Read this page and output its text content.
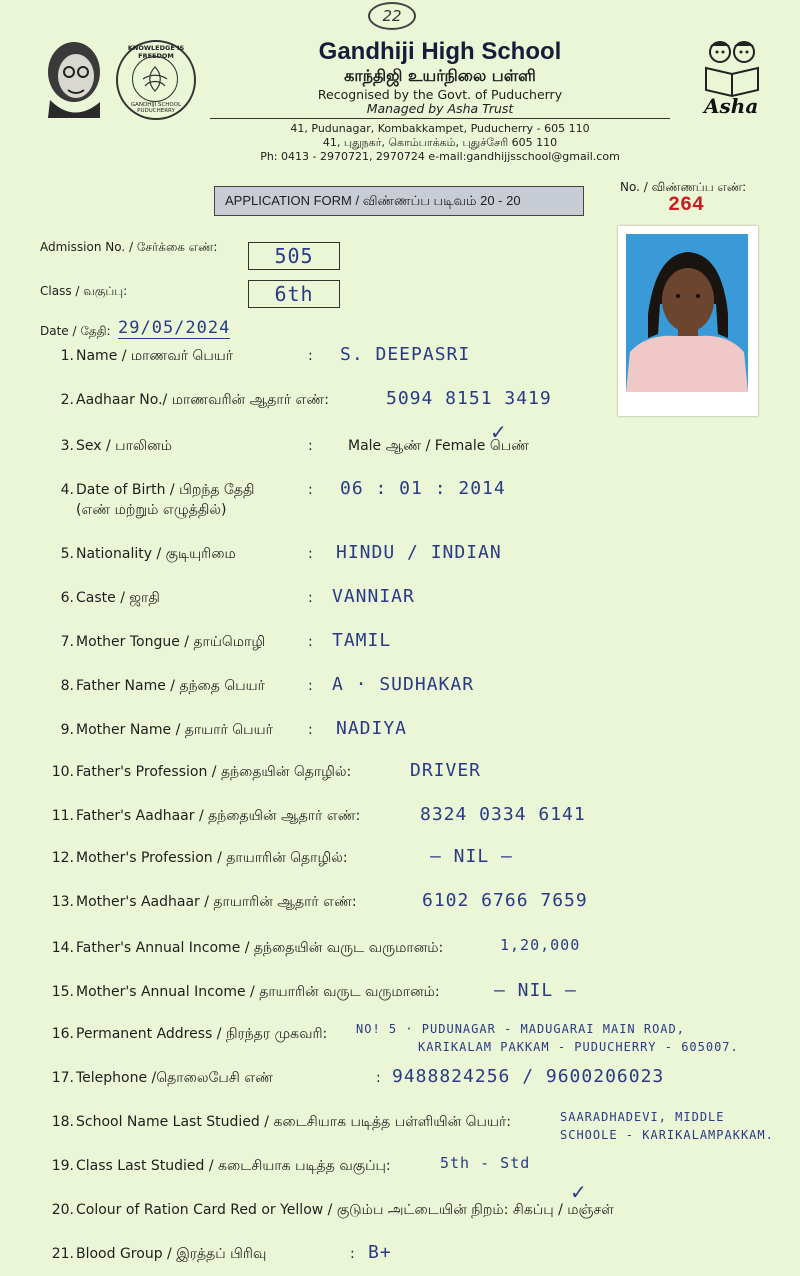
22
KNOWLEDGE IS FREEDOM
GANDHIJI SCHOOL PUDUCHERRY	Asha
Gandhiji High School
காந்திஜி உயர்நிலை பள்ளி
Recognised by the Govt. of Puducherry
Managed by Asha Trust
41, Pudunagar, Kombakkampet, Puducherry - 605 110
41, புதுநகர், கொம்பாக்கம், புதுச்சேரி 605 110
Ph: 0413 - 2970721, 2970724 e-mail:gandhijjsschool@gmail.com
APPLICATION FORM / விண்ணப்ப படிவம் 20 - 20
No. / விண்ணப்ப எண்:
264
Admission No. / சேர்க்கை எண்:	505
Class / வகுப்பு:	6th
Date / தேதி: 29/05/2024
1. Name / மாணவர் பெயர்	: S. DEEPASRI
2. Aadhaar No./ மாணவரின் ஆதார் எண்:	5094 8151 3419
3. Sex / பாலினம்	:	Male ஆண் / Female பெண்
4. Date of Birth / பிறந்த தேதி
(எண் மற்றும் எழுத்தில்)
: 06 : 01 : 2014
5. Nationality / குடியுரிமை	: HINDU / INDIAN
6. Caste / ஜாதி	: VANNIAR
7. Mother Tongue / தாய்மொழி	: TAMIL
8. Father Name / தந்தை பெயர்	: A · SUDHAKAR
9. Mother Name / தாயார் பெயர்	: NADIYA
10. Father's Profession / தந்தையின் தொழில்:	DRIVER
11. Father's Aadhaar / தந்தையின் ஆதார் எண்:	8324 0334 6141
12. Mother's Profession / தாயாரின் தொழில்:	— NIL —
13. Mother's Aadhaar / தாயாரின் ஆதார் எண்:	6102 6766 7659
14. Father's Annual Income / தந்தையின் வருட வருமானம்:	1,20,000
15. Mother's Annual Income / தாயாரின் வருட வருமானம்:	— NIL —
16. Permanent Address / நிரந்தர முகவரி: NO! 5 · PUDUNAGAR - MADUGARAI MAIN ROAD,
KARIKALAM PAKKAM - PUDUCHERRY - 605007.
17. Telephone /தொலைபேசி எண்	: 9488824256 / 9600206023
18. School Name Last Studied / கடைசியாக படித்த பள்ளியின் பெயர்:	SAARADHADEVI, MIDDLE
SCHOOLE - KARIKALAMPAKKAM.
19. Class Last Studied / கடைசியாக படித்த வகுப்பு:	5th - Std
20. Colour of Ration Card Red or Yellow / குடும்ப அட்டையின் நிறம்: சிகப்பு / மஞ்சள்
21. Blood Group / இரத்தப் பிரிவு	: B+
✓
✓
